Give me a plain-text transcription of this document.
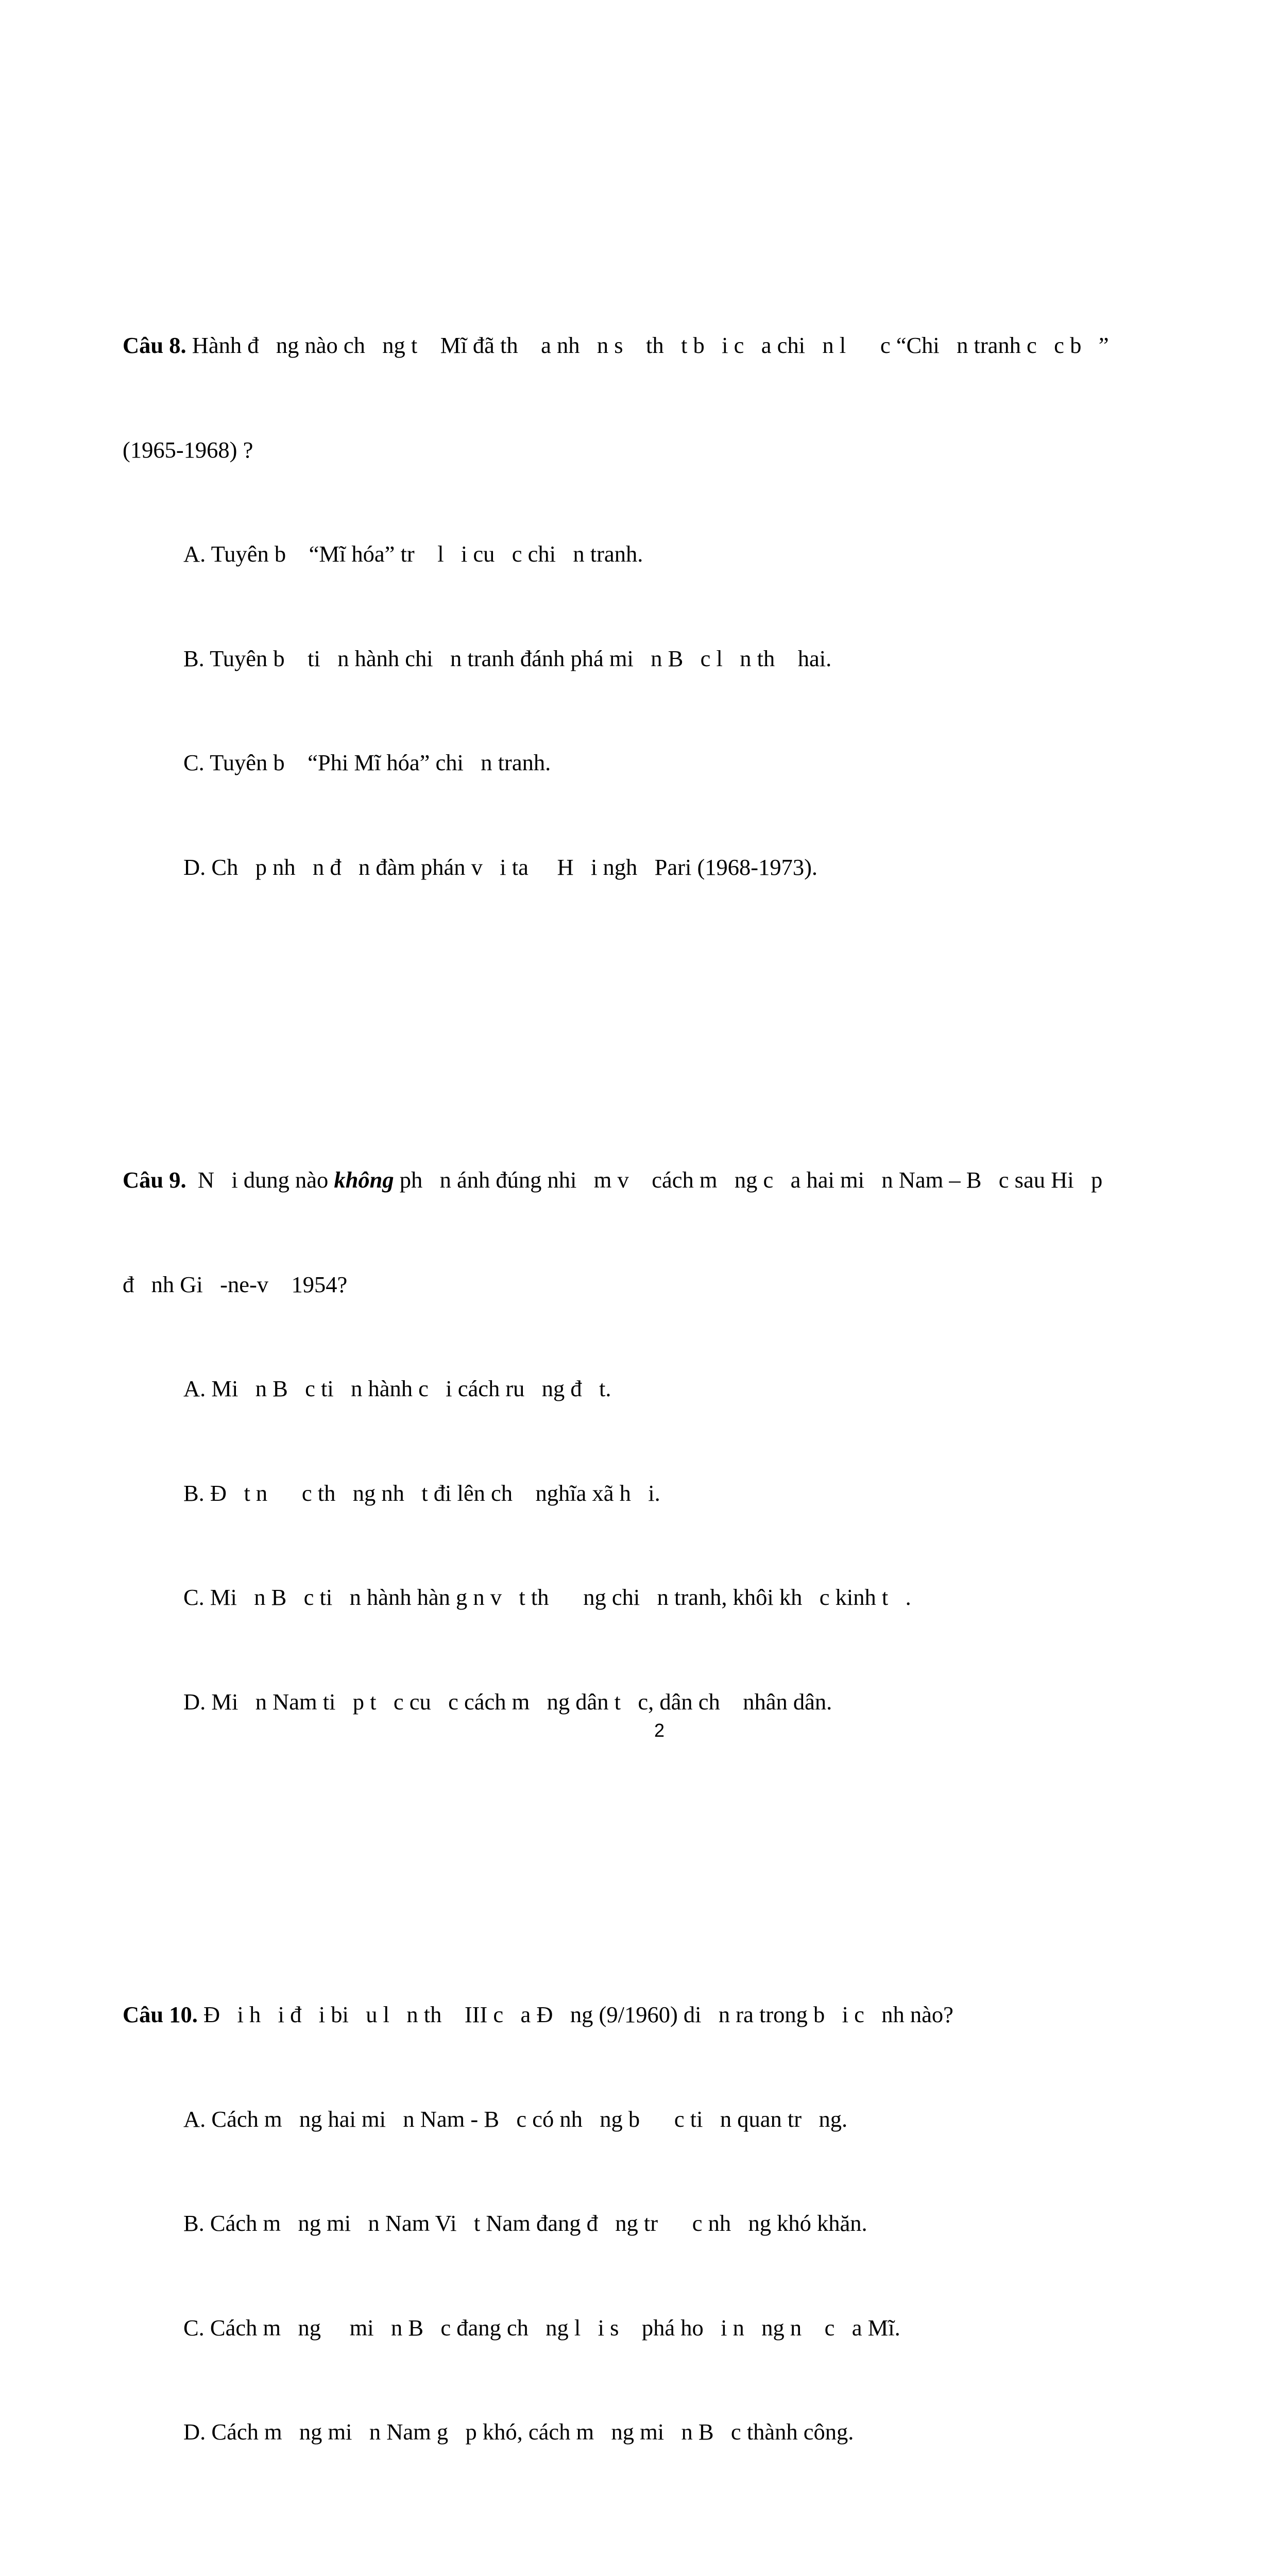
Câu 8. Hành đ   ng nào ch   ng t    Mĩ đã th    a nh   n s    th   t b   i c   a chi   n l      c “Chi   n tranh c   c b   ”

(1965-1968) ?

A. Tuyên b    “Mĩ hóa” tr    l   i cu   c chi   n tranh.

B. Tuyên b    ti   n hành chi   n tranh đánh phá mi   n B   c l   n th    hai.

C. Tuyên b    “Phi Mĩ hóa” chi   n tranh.

D. Ch   p nh   n đ   n đàm phán v   i ta     H   i ngh   Pari (1968-1973).

Câu 9.  N   i dung nào không ph   n ánh đúng nhi   m v    cách m   ng c   a hai mi   n Nam – B   c sau Hi   p

đ   nh Gi   -ne-v    1954?

A. Mi   n B   c ti   n hành c   i cách ru   ng đ   t.

B. Đ   t n      c th   ng nh   t đi lên ch    nghĩa xã h   i.

C. Mi   n B   c ti   n hành hàn g n v   t th      ng chi   n tranh, khôi kh   c kinh t   .

D. Mi   n Nam ti   p t   c cu   c cách m   ng dân t   c, dân ch    nhân dân.

Câu 10. Đ   i h   i đ   i bi   u l   n th    III c   a Đ   ng (9/1960) di   n ra trong b   i c   nh nào?

A. Cách m   ng hai mi   n Nam - B   c có nh   ng b      c ti   n quan tr   ng.

B. Cách m   ng mi   n Nam Vi   t Nam đang đ   ng tr      c nh   ng khó khăn.

C. Cách m   ng     mi   n B   c đang ch   ng l   i s    phá ho   i n   ng n    c   a Mĩ.

D. Cách m   ng mi   n Nam g   p khó, cách m   ng mi   n B   c thành công.

2
